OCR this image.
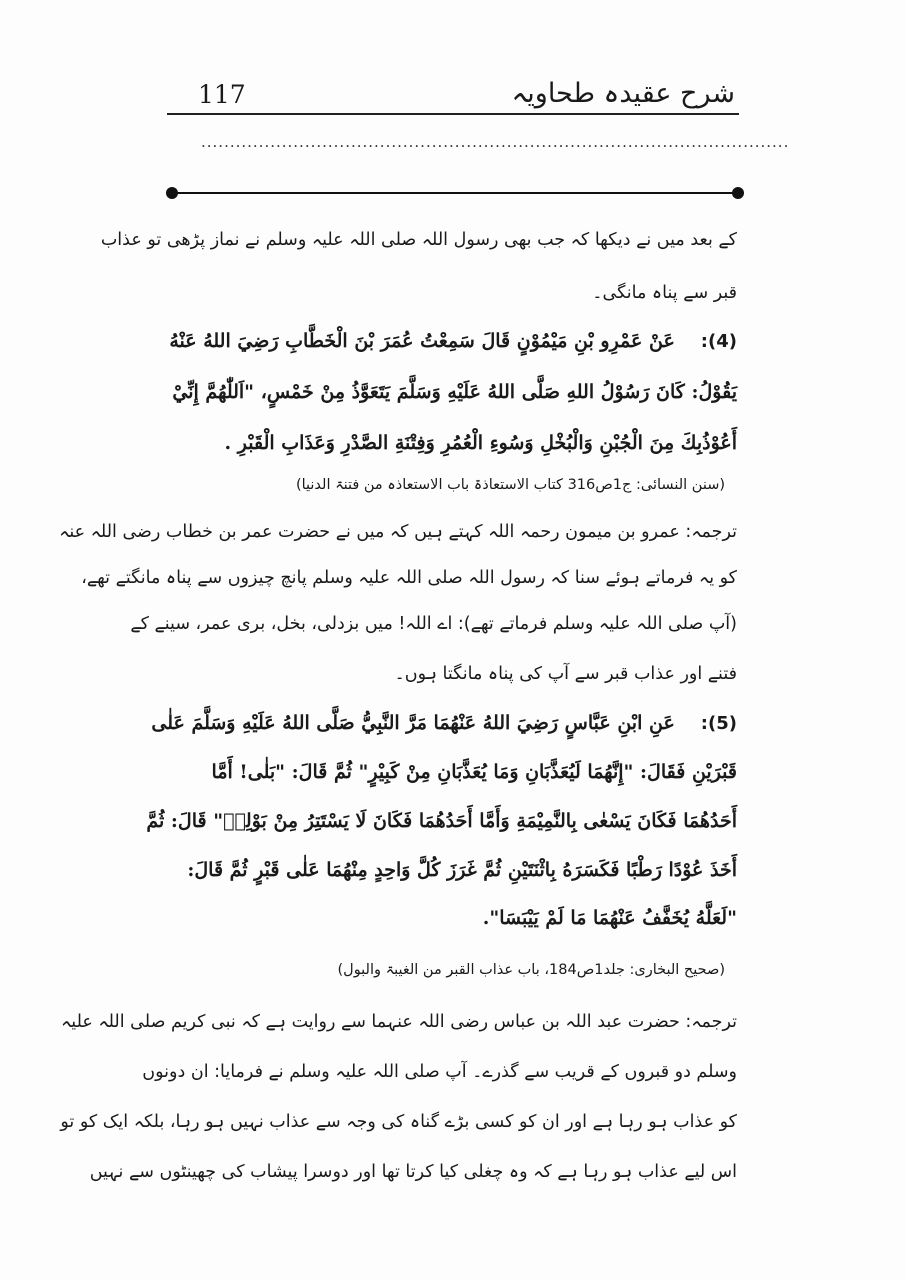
شرح عقیدہ طحاویہ
117
......................................................................................................
کے بعد میں نے دیکھا کہ جب بھی رسول اللہ صلی اللہ علیہ وسلم نے نماز پڑھی تو عذاب
قبر سے پناہ مانگی۔
(4):عَنْ عَمْرِو بْنِ مَيْمُوْنٍ قَالَ سَمِعْتُ عُمَرَ بْنَ الْخَطَّابِ رَضِيَ اللهُ عَنْهُ
يَقُوْلُ: كَانَ رَسُوْلُ اللهِ صَلَّى اللهُ عَلَيْهِ وَسَلَّمَ يَتَعَوَّذُ مِنْ خَمْسٍ، "اَللّٰهُمَّ إِنِّيْ
أَعُوْذُبِكَ مِنَ الْجُبْنِ وَالْبُخْلِ وَسُوءِ الْعُمُرِ وَفِتْنَةِ الصَّدْرِ وَعَذَابِ الْقَبْرِ .
(سنن النسائی: ج1ص316 کتاب الاستعاذۃ باب الاستعاذہ من فتنۃ الدنیا)
ترجمہ: عمرو بن میمون رحمہ اللہ کہتے ہیں کہ میں نے حضرت عمر بن خطاب رضی اللہ عنہ
کو یہ فرماتے ہوئے سنا کہ رسول اللہ صلی اللہ علیہ وسلم پانچ چیزوں سے پناہ مانگتے تھے،
(آپ صلی اللہ علیہ وسلم فرماتے تھے): اے اللہ! میں بزدلی، بخل، بری عمر، سینے کے
فتنے اور عذاب قبر سے آپ کی پناہ مانگتا ہوں۔
(5):عَنِ ابْنِ عَبَّاسٍ رَضِيَ اللهُ عَنْهُمَا مَرَّ النَّبِيُّ صَلَّى اللهُ عَلَيْهِ وَسَلَّمَ عَلٰى
قَبْرَيْنِ فَقَالَ: "إِنَّهُمَا لَيُعَذَّبَانِ وَمَا يُعَذَّبَانِ مِنْ كَبِيْرٍ" ثُمَّ قَالَ: "بَلٰى! أَمَّا
أَحَدُهُمَا فَكَانَ يَسْعٰى بِالنَّمِيْمَةِ وَأَمَّا أَحَدُهُمَا فَكَانَ لَا يَسْتَتِرُ مِنْ بَوْلِهٖ" قَالَ: ثُمَّ
أَخَذَ عُوْدًا رَطْبًا فَكَسَرَهُ بِاثْنَتَيْنِ ثُمَّ غَرَزَ كُلَّ وَاحِدٍ مِنْهُمَا عَلٰى قَبْرٍ ثُمَّ قَالَ:
"لَعَلَّهُ يُخَفَّفُ عَنْهُمَا مَا لَمْ يَيْبَسَا".
(صحیح البخاری: جلد1ص184، باب عذاب القبر من الغیبۃ والبول)
ترجمہ: حضرت عبد اللہ بن عباس رضی اللہ عنہما سے روایت ہے کہ نبی کریم صلی اللہ علیہ
وسلم دو قبروں کے قریب سے گذرے۔ آپ صلی اللہ علیہ وسلم نے فرمایا: ان دونوں
کو عذاب ہو رہا ہے اور ان کو کسی بڑے گناہ کی وجہ سے عذاب نہیں ہو رہا، بلکہ ایک کو تو
اس لیے عذاب ہو رہا ہے کہ وہ چغلی کیا کرتا تھا اور دوسرا پیشاب کی چھینٹوں سے نہیں
